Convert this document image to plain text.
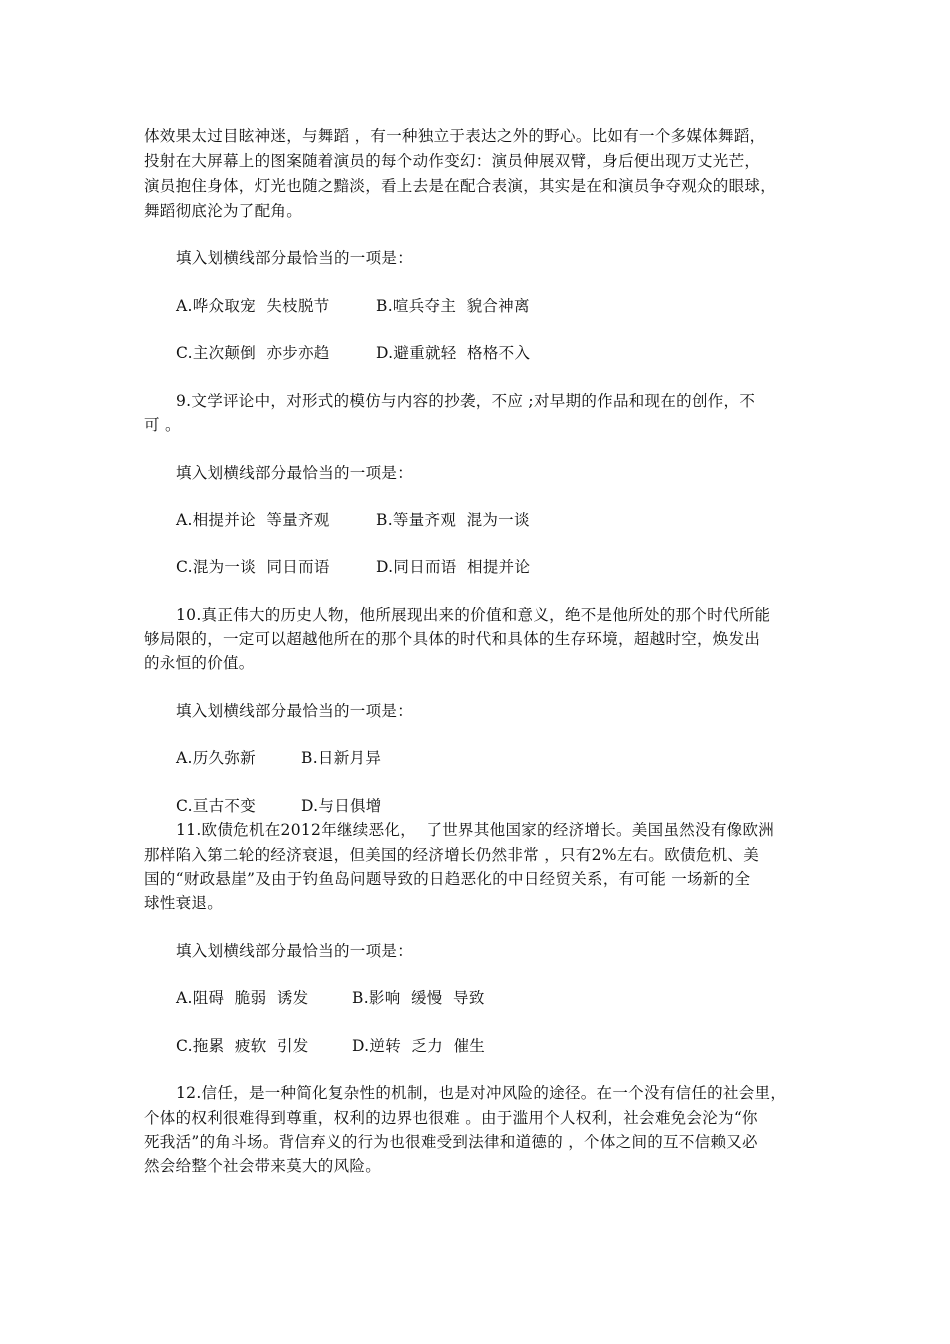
体效果太过目眩神迷，与舞蹈 ，有一种独立于表达之外的野心。比如有一个多媒体舞蹈，
投射在大屏幕上的图案随着演员的每个动作变幻：演员伸展双臂，身后便出现万丈光芒，
演员抱住身体，灯光也随之黯淡，看上去是在配合表演，其实是在和演员争夺观众的眼球，
舞蹈彻底沦为了配角。
填入划横线部分最恰当的一项是：
A.哗众取宠  失枝脱节	B.喧兵夺主  貌合神离
C.主次颠倒  亦步亦趋	D.避重就轻  格格不入
9.文学评论中，对形式的模仿与内容的抄袭，不应 ;对早期的作品和现在的创作，不
可 。
填入划横线部分最恰当的一项是：
A.相提并论  等量齐观	B.等量齐观  混为一谈
C.混为一谈  同日而语	D.同日而语  相提并论
10.真正伟大的历史人物，他所展现出来的价值和意义，绝不是他所处的那个时代所能
够局限的，一定可以超越他所在的那个具体的时代和具体的生存环境，超越时空，焕发出
的永恒的价值。
填入划横线部分最恰当的一项是：
A.历久弥新	B.日新月异
C.亘古不变	D.与日俱增
11.欧债危机在2012年继续恶化，  了世界其他国家的经济增长。美国虽然没有像欧洲
那样陷入第二轮的经济衰退，但美国的经济增长仍然非常 ，只有2%左右。欧债危机、美
国的“财政悬崖”及由于钓鱼岛问题导致的日趋恶化的中日经贸关系，有可能 一场新的全
球性衰退。
填入划横线部分最恰当的一项是：
A.阻碍  脆弱  诱发	B.影响  缓慢  导致
C.拖累  疲软  引发	D.逆转  乏力  催生
12.信任，是一种简化复杂性的机制，也是对冲风险的途径。在一个没有信任的社会里，
个体的权利很难得到尊重，权利的边界也很难 。由于滥用个人权利，社会难免会沦为“你
死我活”的角斗场。背信弃义的行为也很难受到法律和道德的 ，个体之间的互不信赖又必
然会给整个社会带来莫大的风险。
